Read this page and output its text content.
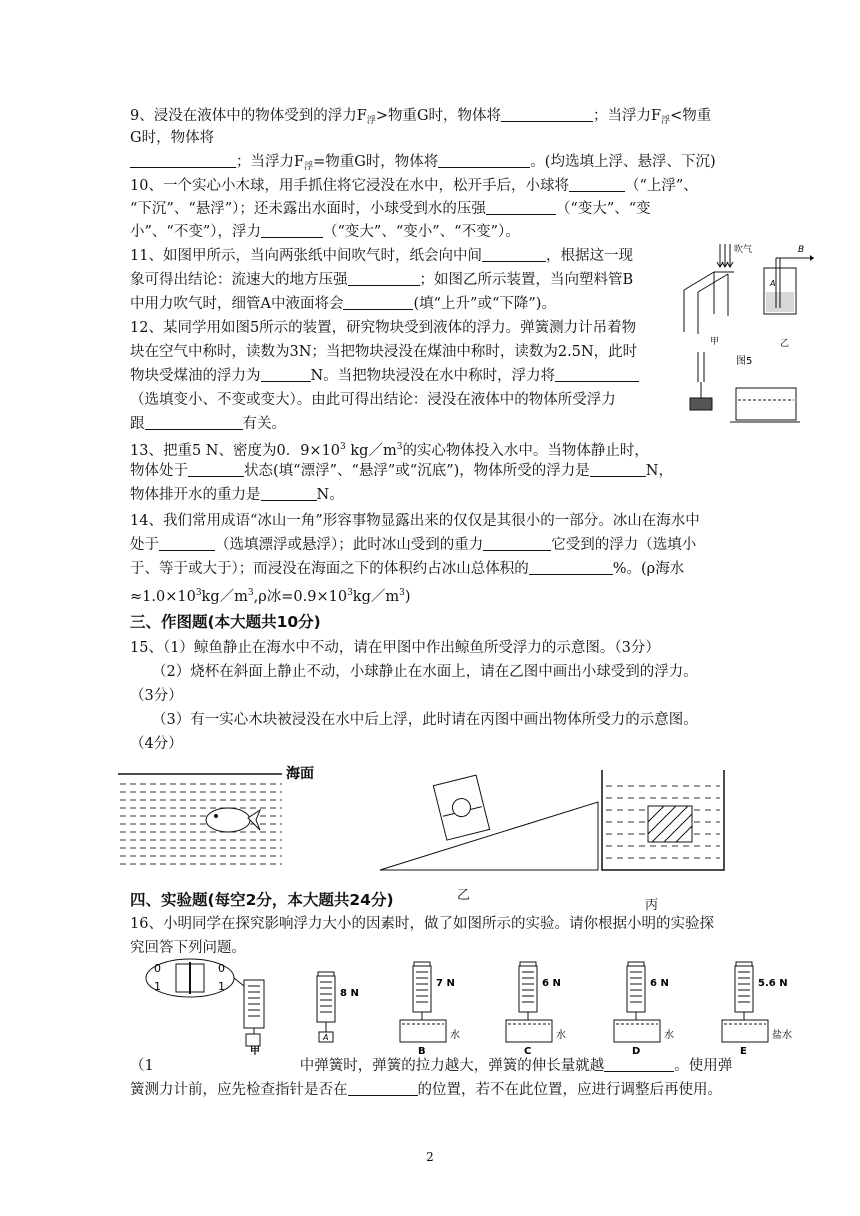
9、浸没在液体中的物体受到的浮力$F_浮>$物重G时，物体将	；当浮力$F_浮<$物重
G时，物体将
；当浮力$F_浮=$物重G时，物体将	。(均选填上浮、悬浮、下沉)
10、一个实心小木球，用手抓住将它浸没在水中，松开手后，小球将	（“上浮”、
“下沉”、“悬浮”）；还未露出水面时，小球受到水的压强	（“变大”、“变
小”、“不变”），浮力	（“变大”、“变小”、“不变”）。
11、如图甲所示，当向两张纸中间吹气时，纸会向中间	，根据这一现
象可得出结论：流速大的地方压强	；如图乙所示装置，当向塑料管B
中用力吹气时，细管A中液面将会	(填“上升”或“下降”)。
12、某同学用如图5所示的装置，研究物块受到液体的浮力。弹簧测力计吊着物
块在空气中称时，读数为3N；当把物块浸没在煤油中称时，读数为2.5N，此时
物块受煤油的浮力为	N。当把物块浸没在水中称时，浮力将
（选填变小、不变或变大）。由此可得出结论：浸没在液体中的物体所受浮力
跟	有关。
13、把重5 N、密度为0．$9\times 10^3$ $kg/m^3$的实心物体投入水中。当物体静止时，
物体处于	状态(填“漂浮”、“悬浮”或“沉底”)，物体所受的浮力是	N，
物体排开水的重力是	N。
14、我们常用成语“冰山一角”形容事物显露出来的仅仅是其很小的一部分。冰山在海水中
处于	（选填漂浮或悬浮）；此时冰山受到的重力	它受到的浮力（选填小
于、等于或大于）；而浸没在海面之下的体积约占冰山总体积的	%。(ρ海水
$\approx 1.0\times 10^3kg/m^3,\rho$冰$=0.9\times 10^3kg/m^3$)
三、作图题(本大题共10分)
15、（1）鲸鱼静止在海水中不动，请在甲图中作出鲸鱼所受浮力的示意图。（3分）
（2）烧杯在斜面上静止不动，小球静止在水面上，请在乙图中画出小球受到的浮力。
（3分）
（3）有一实心木块被浸没在水中后上浮，此时请在丙图中画出物体所受力的示意图。
（4分）
吹气
甲
B
A
乙
图5
海面
四、实验题(每空2分，本大题共24分)	乙
丙
16、小明同学在探究影响浮力大小的因素时，做了如图所示的实验。请你根据小明的实验探
究回答下列问题。
0
1
0
1
甲
8 N
A
7 N
水
B
6 N
水
C
6 N
水
D
5.6 N
盐水
E
（1	中弹簧时，弹簧的拉力越大，弹簧的伸长量就越	。使用弹
簧测力计前，应先检查指针是否在	的位置，若不在此位置，应进行调整后再使用。
2
